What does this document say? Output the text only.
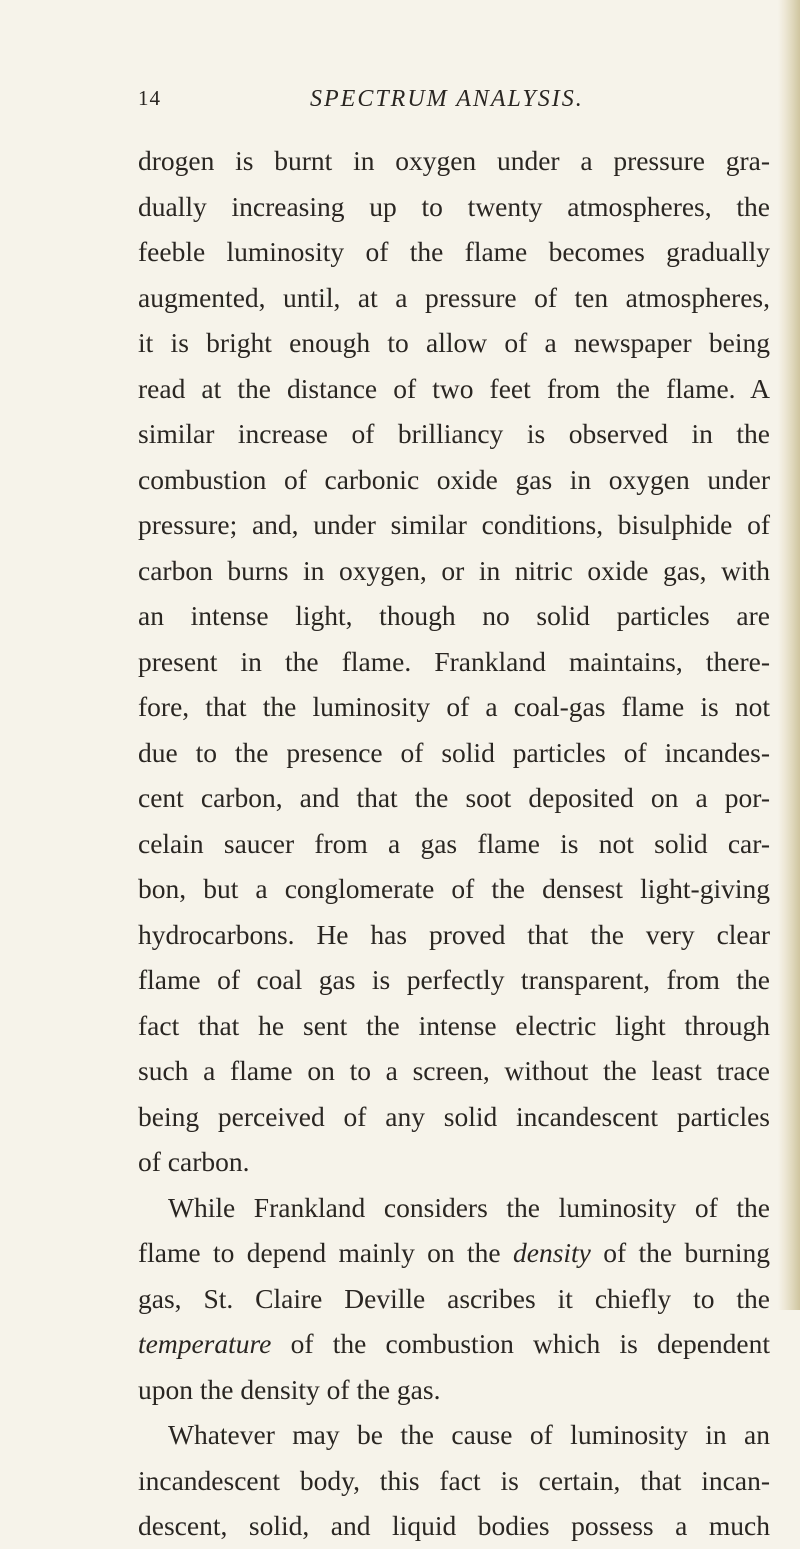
14	SPECTRUM ANALYSIS.
drogen is burnt in oxygen under a pressure gra-
dually increasing up to twenty atmospheres, the
feeble luminosity of the flame becomes gradually
augmented, until, at a pressure of ten atmospheres,
it is bright enough to allow of a newspaper being
read at the distance of two feet from the flame. A
similar increase of brilliancy is observed in the
combustion of carbonic oxide gas in oxygen under
pressure; and, under similar conditions, bisulphide of
carbon burns in oxygen, or in nitric oxide gas, with
an intense light, though no solid particles are
present in the flame. Frankland maintains, there-
fore, that the luminosity of a coal-gas flame is not
due to the presence of solid particles of incandes-
cent carbon, and that the soot deposited on a por-
celain saucer from a gas flame is not solid car-
bon, but a conglomerate of the densest light-giving
hydrocarbons. He has proved that the very clear
flame of coal gas is perfectly transparent, from the
fact that he sent the intense electric light through
such a flame on to a screen, without the least trace
being perceived of any solid incandescent particles
of carbon.
While Frankland considers the luminosity of the
flame to depend mainly on the density of the burning
gas, St. Claire Deville ascribes it chiefly to the
temperature of the combustion which is dependent
upon the density of the gas.
Whatever may be the cause of luminosity in an
incandescent body, this fact is certain, that incan-
descent, solid, and liquid bodies possess a much
